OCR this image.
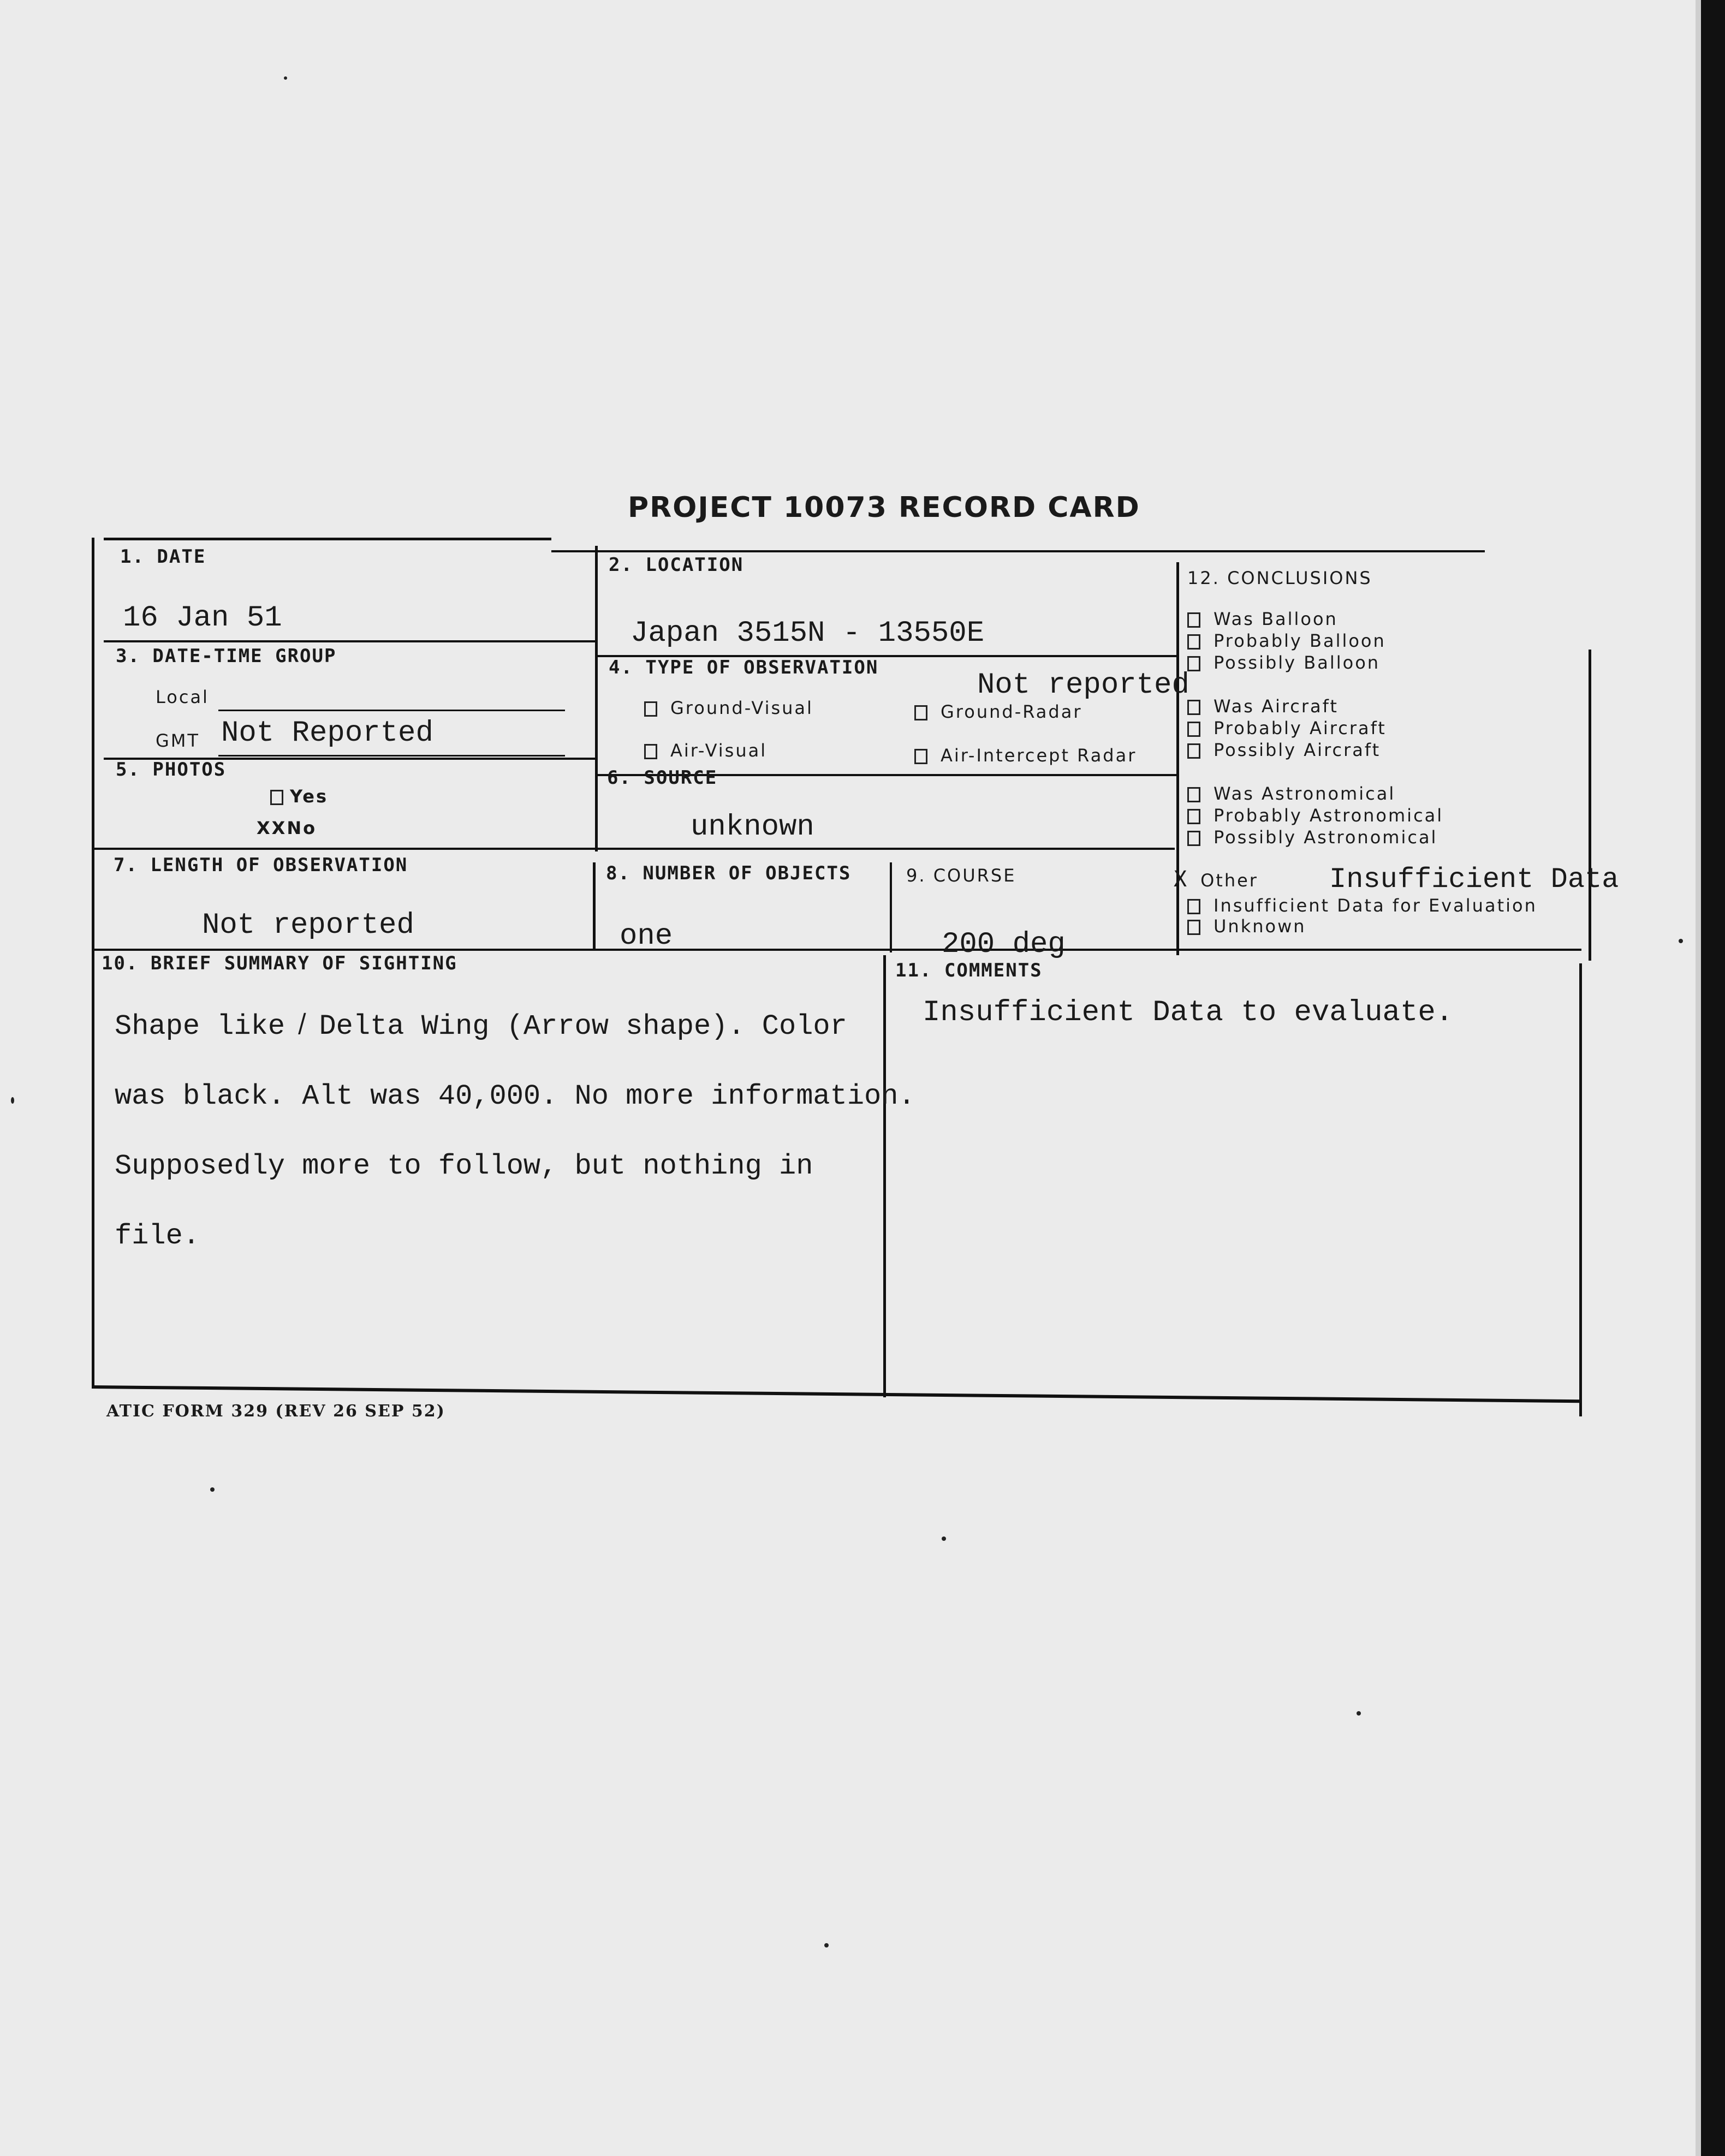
PROJECT 10073 RECORD CARD
1. DATE
16 Jan 51
2. LOCATION
Japan 3515N - 13550E
3. DATE-TIME GROUP
Local
GMT Not Reported
4. TYPE OF OBSERVATION
Not reported
Ground-Visual	Ground-Radar
Air-Visual	Air-Intercept Radar
5. PHOTOS
Yes
XXNo
6. SOURCE
unknown
7. LENGTH OF OBSERVATION
Not reported
8. NUMBER OF OBJECTS
one
9. COURSE
200 deg
10. BRIEF SUMMARY OF SIGHTING

Shape like ̸ Delta Wing (Arrow shape). Color

was black. Alt was 40,000. No more information.

Supposedly more to follow, but nothing in

file.

11. COMMENTS
Insufficient Data to evaluate.
12. CONCLUSIONS
Was Balloon
Probably Balloon
Possibly Balloon
Was Aircraft
Probably Aircraft
Possibly Aircraft
Was Astronomical
Probably Astronomical
Possibly Astronomical
X Other	Insufficient Data
Insufficient Data for Evaluation
Unknown
ATIC FORM 329 (REV 26 SEP 52)
